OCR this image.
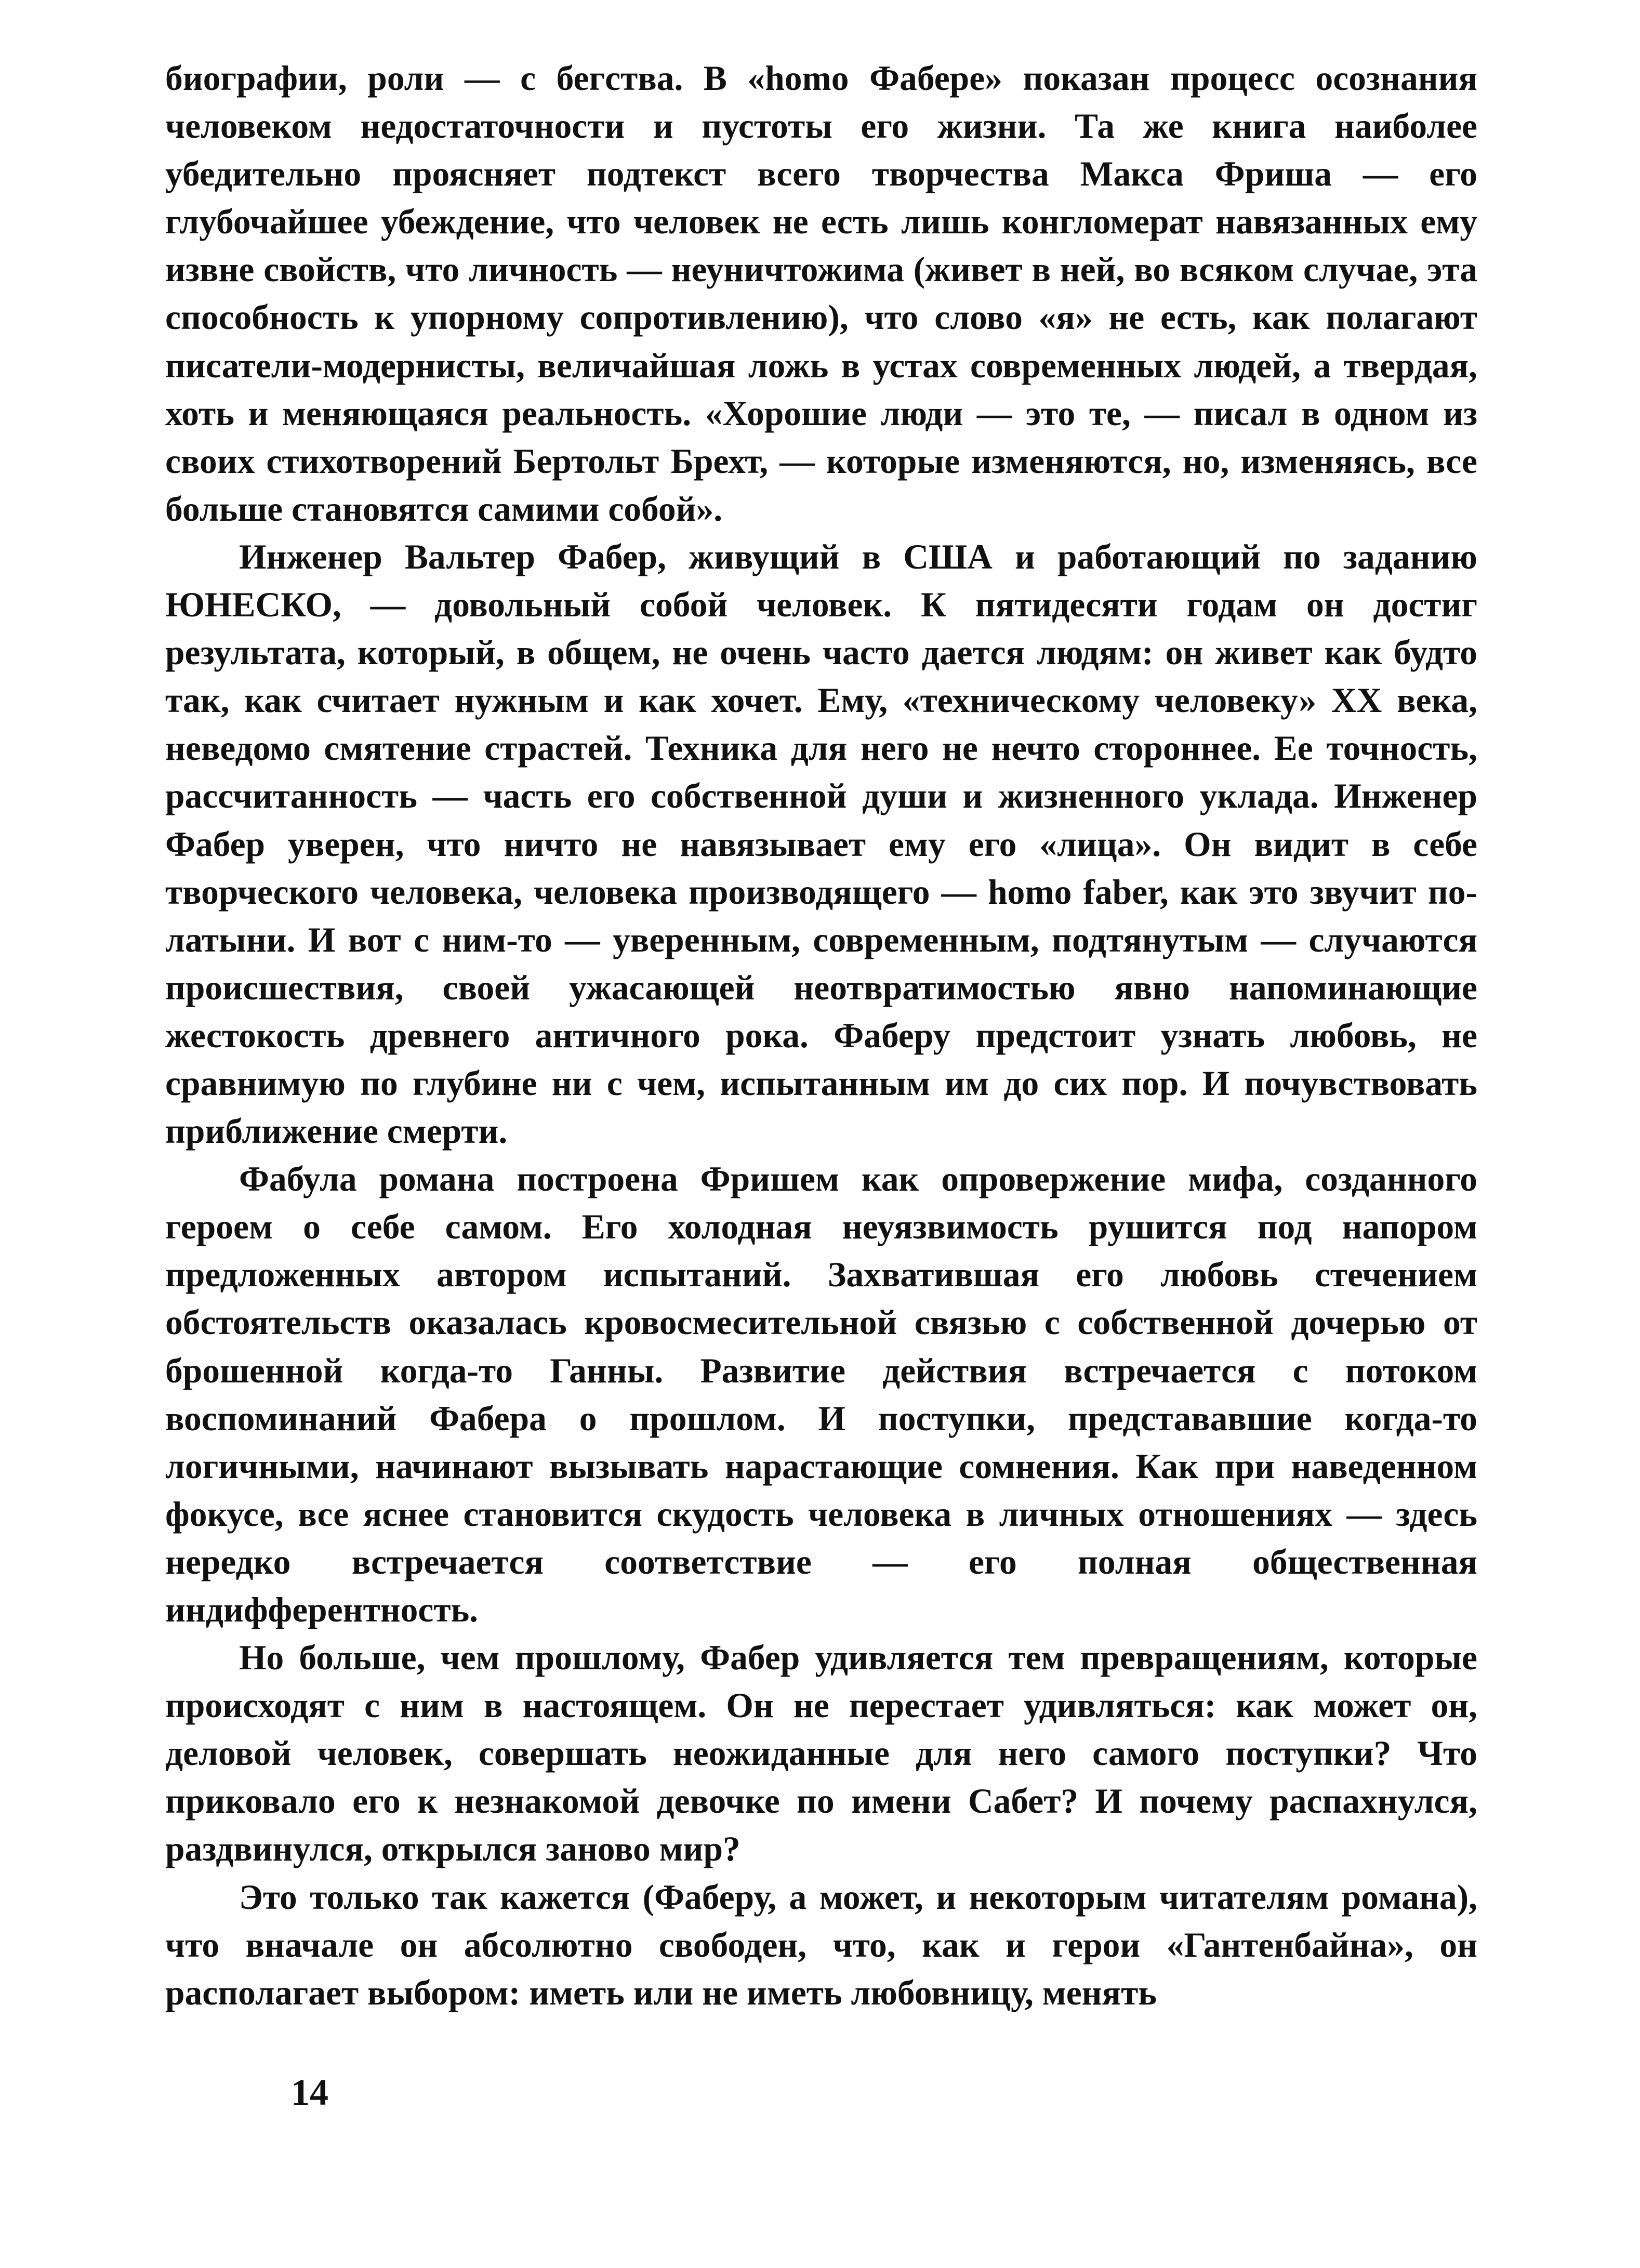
биографии, роли — с бегства. В «homo Фабере» показан процесс осознания человеком недостаточности и пустоты его жизни. Та же книга наиболее убедительно проясняет подтекст всего творчества Макса Фриша — его глубочайшее убеждение, что человек не есть лишь конгломерат навязанных ему извне свойств, что личность — неуничтожима (живет в ней, во всяком случае, эта способность к упорному сопротивлению), что слово «я» не есть, как полагают писатели-модернисты, величайшая ложь в устах современных людей, а твердая, хоть и меняющаяся реальность. «Хорошие люди — это те, — писал в одном из своих стихотворений Бертольт Брехт, — которые изменяются, но, изменяясь, все больше становятся самими собой».

Инженер Вальтер Фабер, живущий в США и работающий по заданию ЮНЕСКО, — довольный собой человек. К пятидесяти годам он достиг результата, который, в общем, не очень часто дается людям: он живет как будто так, как считает нужным и как хочет. Ему, «техническому человеку» XX века, неведомо смятение страстей. Техника для него не нечто стороннее. Ее точность, рассчитанность — часть его собственной души и жизненного уклада. Инженер Фабер уверен, что ничто не навязывает ему его «лица». Он видит в себе творческого человека, человека производящего — homo faber, как это звучит по-латыни. И вот с ним-то — уверенным, современным, подтянутым — случаются происшествия, своей ужасающей неотвратимостью явно напоминающие жестокость древнего античного рока. Фаберу предстоит узнать любовь, не сравнимую по глубине ни с чем, испытанным им до сих пор. И почувствовать приближение смерти.

Фабула романа построена Фришем как опровержение мифа, созданного героем о себе самом. Его холодная неуязвимость рушится под напором предложенных автором испытаний. Захватившая его любовь стечением обстоятельств оказалась кровосмесительной связью с собственной дочерью от брошенной когда-то Ганны. Развитие действия встречается с потоком воспоминаний Фабера о прошлом. И поступки, представавшие когда-то логичными, начинают вызывать нарастающие сомнения. Как при наведенном фокусе, все яснее становится скудость человека в личных отношениях — здесь нередко встречается соответствие — его полная общественная индифферентность.

Но больше, чем прошлому, Фабер удивляется тем превращениям, которые происходят с ним в настоящем. Он не перестает удивляться: как может он, деловой человек, совершать неожиданные для него самого поступки? Что приковало его к незнакомой девочке по имени Сабет? И почему распахнулся, раздвинулся, открылся заново мир?

Это только так кажется (Фаберу, а может, и некоторым читателям романа), что вначале он абсолютно свободен, что, как и герои «Гантенбайна», он располагает выбором: иметь или не иметь любовницу, менять

14
